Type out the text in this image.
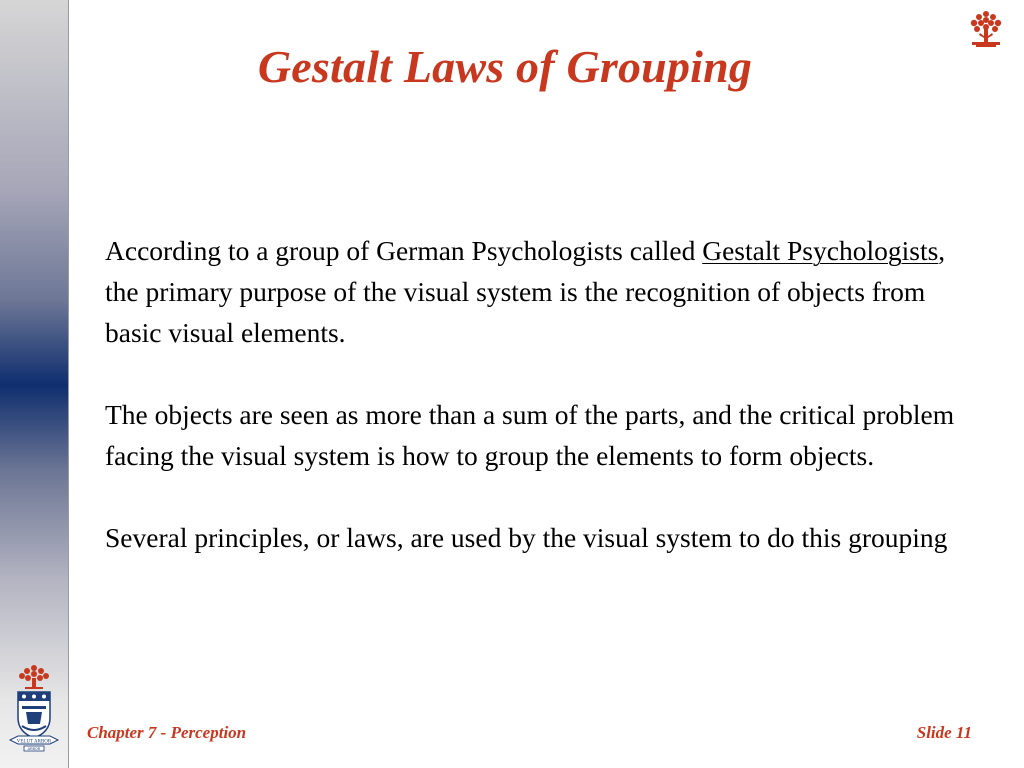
Gestalt Laws of Grouping

According to a group of German Psychologists called Gestalt Psychologists, the primary purpose of the visual system is the recognition of objects from basic visual elements.

The objects are seen as more than a sum of the parts, and the critical problem facing the visual system is how to group the elements to form objects.

Several principles, or laws, are used by the visual system to do this grouping

VELUT ARBOR
ARBOR
Chapter 7 - Perception	Slide 11
